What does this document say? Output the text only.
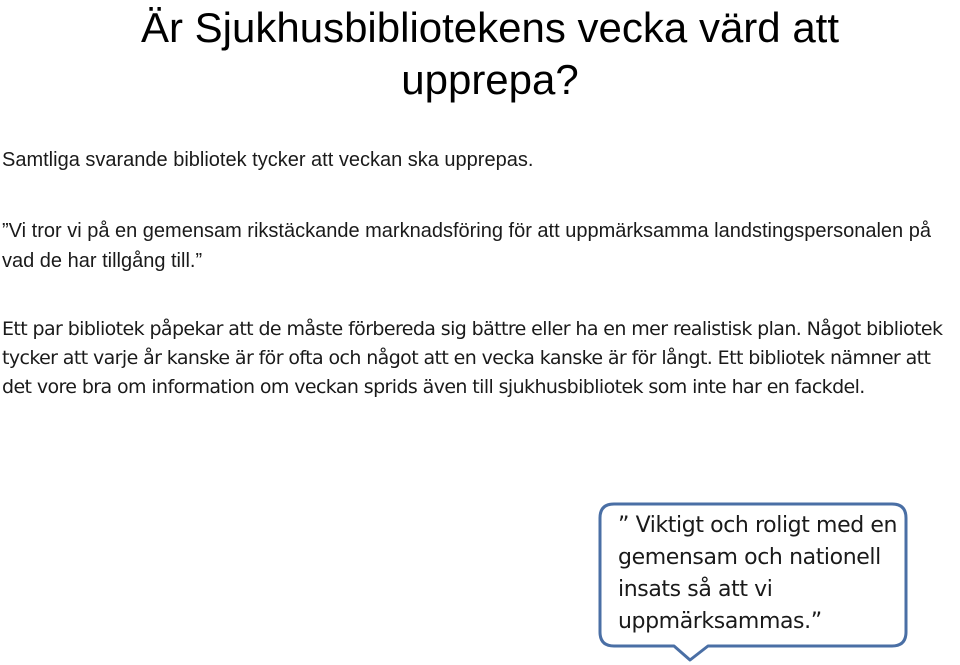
Är Sjukhusbibliotekens vecka värd att upprepa?

Samtliga svarande bibliotek tycker att veckan ska upprepas.

”Vi tror vi på en gemensam rikstäckande marknadsföring för att uppmärksamma landstingspersonalen på vad de har tillgång till.”

Ett par bibliotek påpekar att de måste förbereda sig bättre eller ha en mer realistisk plan. Något bibliotek tycker att varje år kanske är för ofta och något att en vecka kanske är för långt. Ett bibliotek nämner att det vore bra om information om veckan sprids även till sjukhusbibliotek som inte har en fackdel.

” Viktigt och roligt med en gemensam och nationell insats så att vi uppmärksammas.”
